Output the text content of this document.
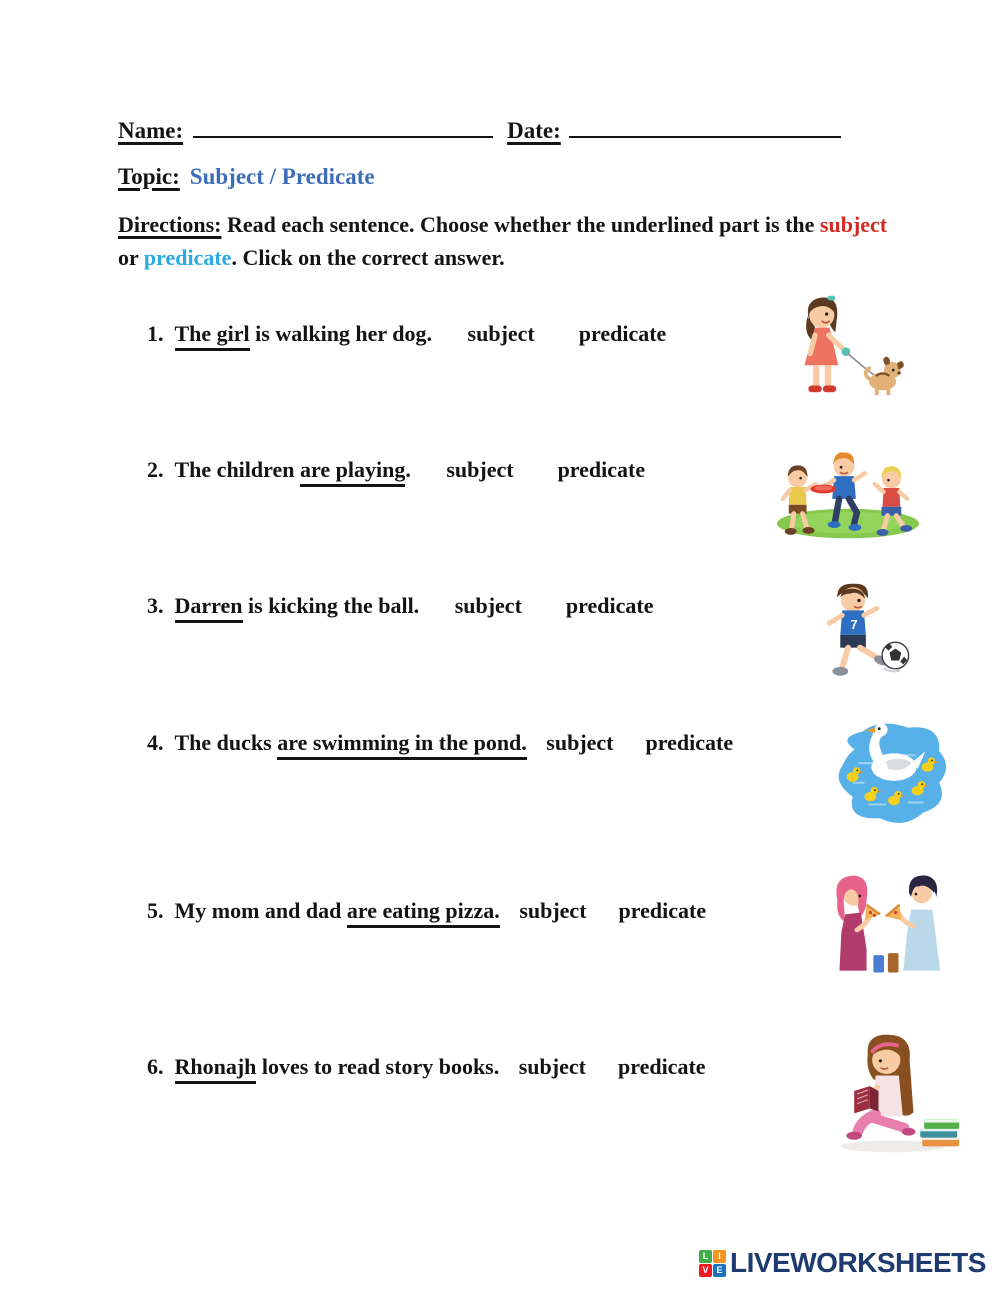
Name:	Date:
Topic: Subject / Predicate

Directions: Read each sentence. Choose whether the underlined part is the subject or predicate. Click on the correct answer.

1. The girl is walking her dog. subject predicate
2. The children are playing. subject predicate
3. Darren is kicking the ball. subject predicate
4. The ducks are swimming in the pond. subject predicate
5. My mom and dad are eating pizza. subject predicate
6. Rhonajh loves to read story books. subject predicate
7
L	I
V E LIVEWORKSHEETS
